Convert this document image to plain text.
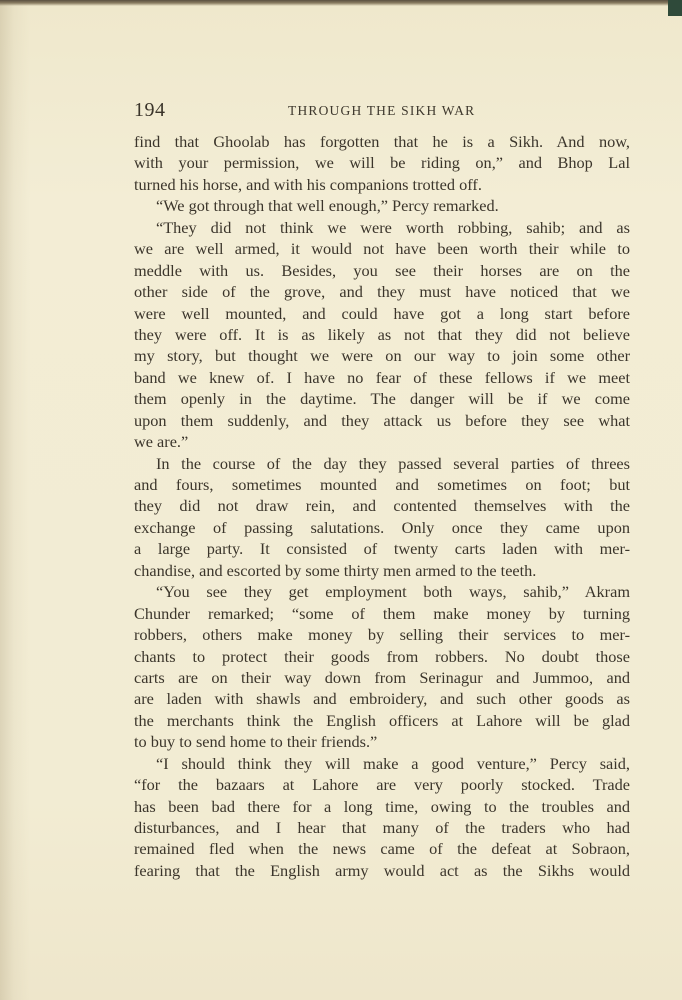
194	THROUGH THE SIKH WAR
find that Ghoolab has forgotten that he is a Sikh. And now,
with your permission, we will be riding on,” and Bhop Lal
turned his horse, and with his companions trotted off.
“We got through that well enough,” Percy remarked.
“They did not think we were worth robbing, sahib; and as
we are well armed, it would not have been worth their while to
meddle with us. Besides, you see their horses are on the
other side of the grove, and they must have noticed that we
were well mounted, and could have got a long start before
they were off. It is as likely as not that they did not believe
my story, but thought we were on our way to join some other
band we knew of. I have no fear of these fellows if we meet
them openly in the daytime. The danger will be if we come
upon them suddenly, and they attack us before they see what
we are.”
In the course of the day they passed several parties of threes
and fours, sometimes mounted and sometimes on foot; but
they did not draw rein, and contented themselves with the
exchange of passing salutations. Only once they came upon
a large party. It consisted of twenty carts laden with mer-
chandise, and escorted by some thirty men armed to the teeth.
“You see they get employment both ways, sahib,” Akram
Chunder remarked; “some of them make money by turning
robbers, others make money by selling their services to mer-
chants to protect their goods from robbers. No doubt those
carts are on their way down from Serinagur and Jummoo, and
are laden with shawls and embroidery, and such other goods as
the merchants think the English officers at Lahore will be glad
to buy to send home to their friends.”
“I should think they will make a good venture,” Percy said,
“for the bazaars at Lahore are very poorly stocked. Trade
has been bad there for a long time, owing to the troubles and
disturbances, and I hear that many of the traders who had
remained fled when the news came of the defeat at Sobraon,
fearing that the English army would act as the Sikhs would
